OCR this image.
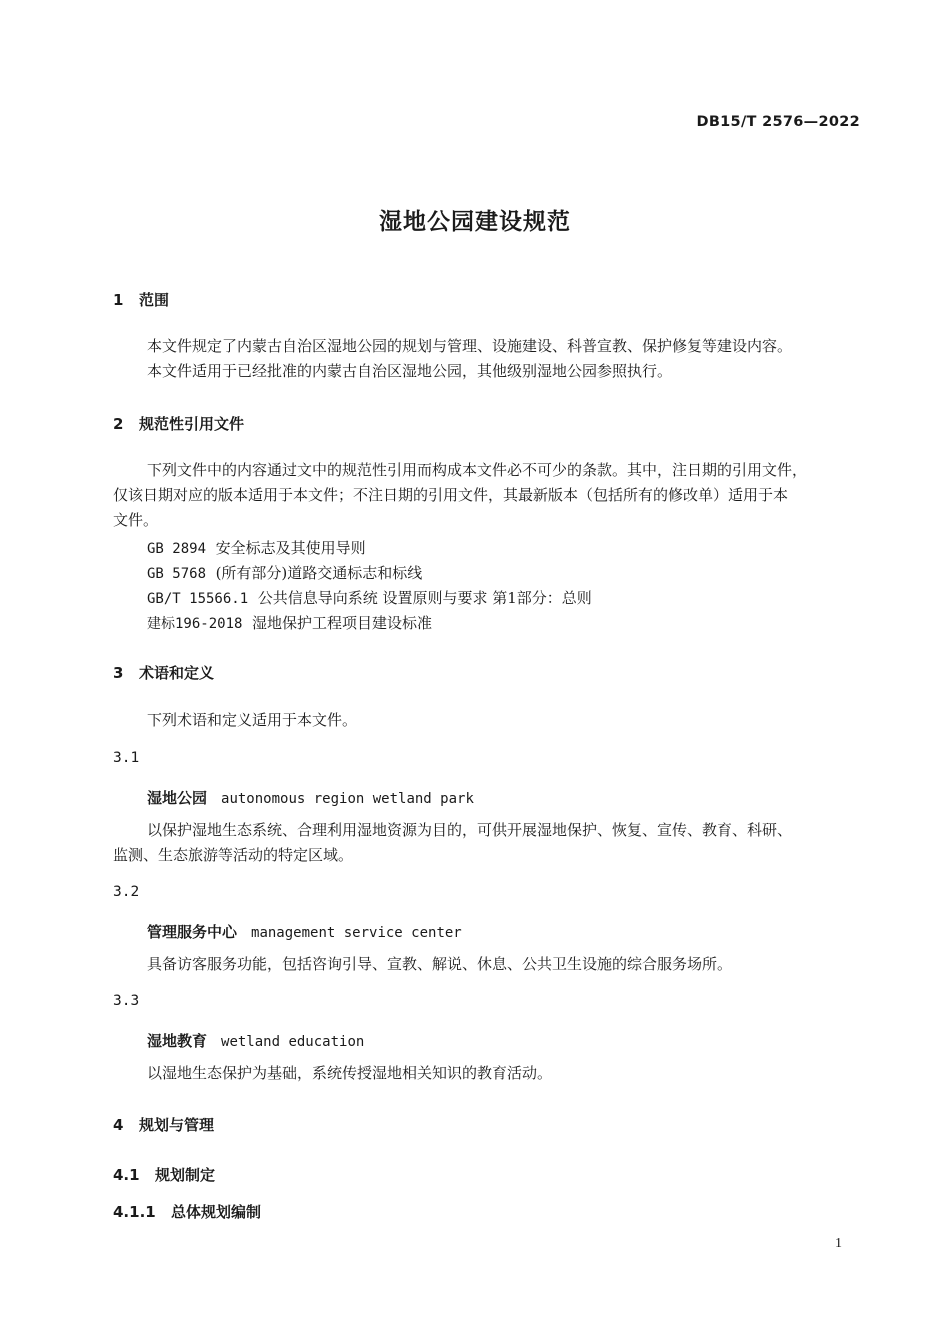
DB15/T 2576—2022
湿地公园建设规范
1 范围
本文件规定了内蒙古自治区湿地公园的规划与管理、设施建设、科普宣教、保护修复等建设内容。
本文件适用于已经批准的内蒙古自治区湿地公园，其他级别湿地公园参照执行。
2 规范性引用文件
下列文件中的内容通过文中的规范性引用而构成本文件必不可少的条款。其中，注日期的引用文件，
仅该日期对应的版本适用于本文件；不注日期的引用文件，其最新版本（包括所有的修改单）适用于本
文件。
GB 2894 安全标志及其使用导则
GB 5768 (所有部分)道路交通标志和标线
GB/T 15566.1 公共信息导向系统 设置原则与要求 第1部分：总则
建标196-2018 湿地保护工程项目建设标准
3 术语和定义
下列术语和定义适用于本文件。
3.1
湿地公园 autonomous region wetland park
以保护湿地生态系统、合理利用湿地资源为目的，可供开展湿地保护、恢复、宣传、教育、科研、
监测、生态旅游等活动的特定区域。
3.2
管理服务中心 management service center
具备访客服务功能，包括咨询引导、宣教、解说、休息、公共卫生设施的综合服务场所。
3.3
湿地教育 wetland education
以湿地生态保护为基础，系统传授湿地相关知识的教育活动。
4 规划与管理
4.1 规划制定
4.1.1 总体规划编制
1
